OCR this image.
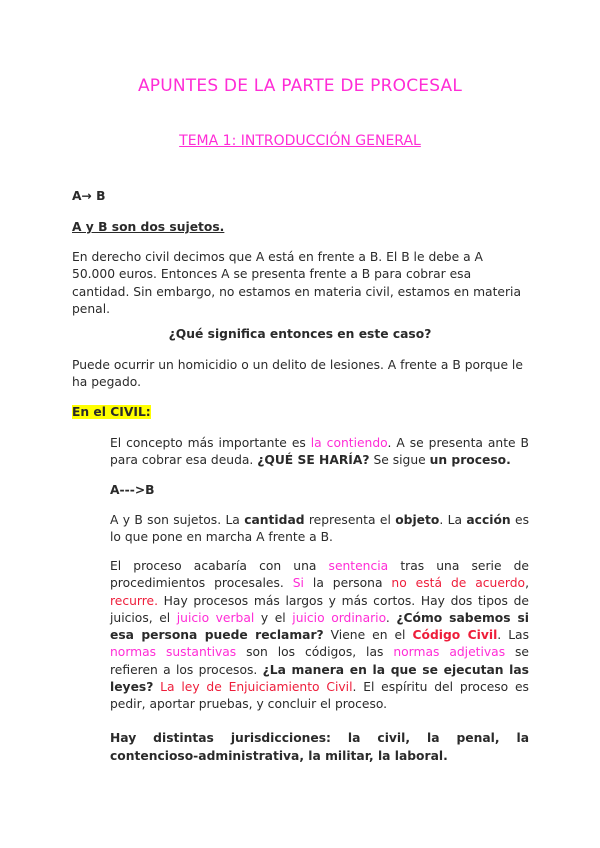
APUNTES DE LA PARTE DE PROCESAL
TEMA 1: INTRODUCCIÓN GENERAL

A→ B

A y B son dos sujetos.

En derecho civil decimos que A está en frente a B. El B le debe a A 50.000 euros. Entonces A se presenta frente a B para cobrar esa cantidad. Sin embargo, no estamos en materia civil, estamos en materia penal.

¿Qué significa entonces en este caso?

Puede ocurrir un homicidio o un delito de lesiones. A frente a B porque le ha pegado.

En el CIVIL:

El concepto más importante es la contiendo. A se presenta ante B para cobrar esa deuda. ¿QUÉ SE HARÍA? Se sigue un proceso.

A--->B

A y B son sujetos. La cantidad representa el objeto. La acción es lo que pone en marcha A frente a B.

El proceso acabaría con una sentencia tras una serie de procedimientos procesales. Si la persona no está de acuerdo, recurre. Hay procesos más largos y más cortos. Hay dos tipos de juicios, el juicio verbal y el juicio ordinario. ¿Cómo sabemos si esa persona puede reclamar? Viene en el Código Civil. Las normas sustantivas son los códigos, las normas adjetivas se refieren a los procesos. ¿La manera en la que se ejecutan las leyes? La ley de Enjuiciamiento Civil. El espíritu del proceso es pedir, aportar pruebas, y concluir el proceso.

Hay distintas jurisdicciones: la civil, la penal, la

contencioso-administrativa, la militar, la laboral.
